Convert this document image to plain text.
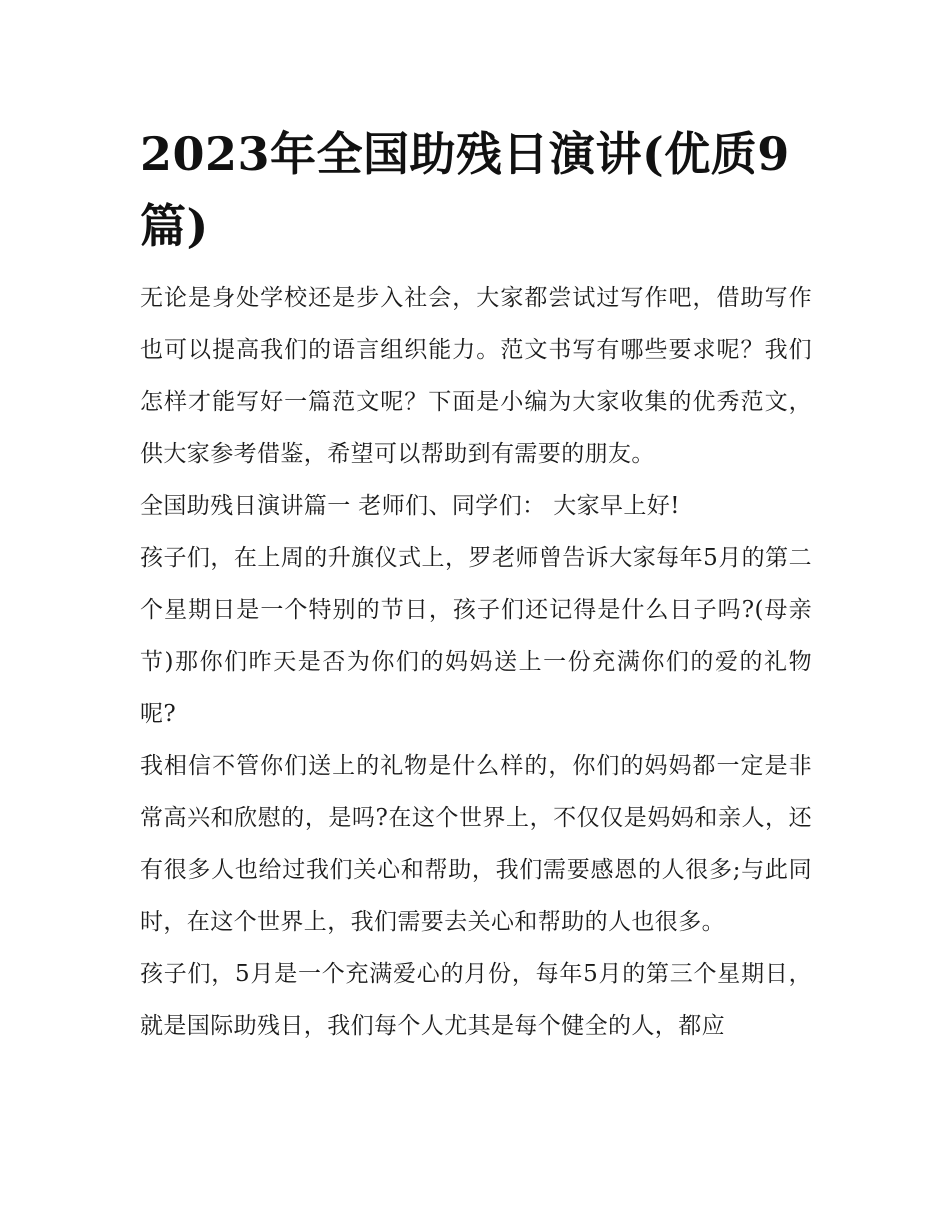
2023年全国助残日演讲(优质9篇)

无论是身处学校还是步入社会，大家都尝试过写作吧，借助写作也可以提高我们的语言组织能力。范文书写有哪些要求呢？我们怎样才能写好一篇范文呢？下面是小编为大家收集的优秀范文，供大家参考借鉴，希望可以帮助到有需要的朋友。

全国助残日演讲篇一 老师们、同学们： 大家早上好!

孩子们，在上周的升旗仪式上，罗老师曾告诉大家每年5月的第二个星期日是一个特别的节日，孩子们还记得是什么日子吗?(母亲节)那你们昨天是否为你们的妈妈送上一份充满你们的爱的礼物呢?

我相信不管你们送上的礼物是什么样的，你们的妈妈都一定是非常高兴和欣慰的，是吗?在这个世界上，不仅仅是妈妈和亲人，还有很多人也给过我们关心和帮助，我们需要感恩的人很多;与此同时，在这个世界上，我们需要去关心和帮助的人也很多。

孩子们，5月是一个充满爱心的月份，每年5月的第三个星期日，就是国际助残日，我们每个人尤其是每个健全的人，都应
